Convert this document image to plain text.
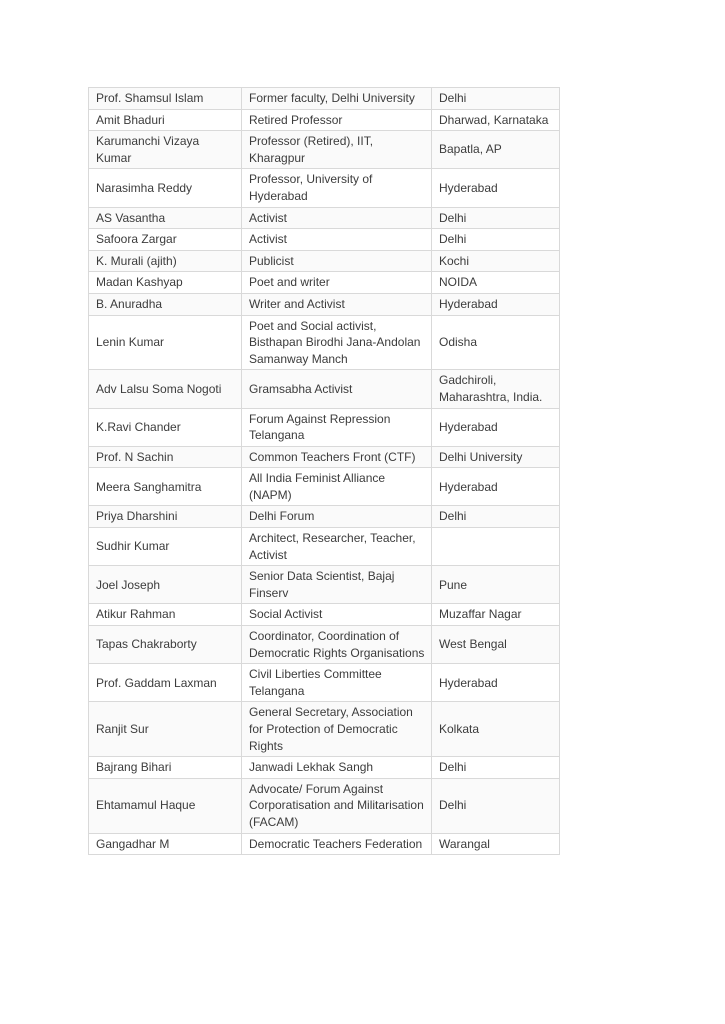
Prof. Shamsul Islam	Former faculty, Delhi University	Delhi
Amit Bhaduri	Retired Professor	Dharwad, Karnataka
Karumanchi Vizaya Kumar	Professor (Retired), IIT, Kharagpur	Bapatla, AP
Narasimha Reddy	Professor, University of Hyderabad	Hyderabad
AS Vasantha	Activist	Delhi
Safoora Zargar	Activist	Delhi
K. Murali (ajith)	Publicist	Kochi
Madan Kashyap	Poet and writer	NOIDA
B. Anuradha	Writer and Activist	Hyderabad
Lenin Kumar	Poet and Social activist, Bisthapan Birodhi Jana-Andolan Samanway Manch	Odisha
Adv Lalsu Soma Nogoti	Gramsabha Activist	Gadchiroli, Maharashtra, India.
K.Ravi Chander	Forum Against Repression Telangana	Hyderabad
Prof. N Sachin	Common Teachers Front (CTF)	Delhi University
Meera Sanghamitra	All India Feminist Alliance (NAPM)	Hyderabad
Priya Dharshini	Delhi Forum	Delhi
Sudhir Kumar	Architect, Researcher, Teacher, Activist	
Joel Joseph	Senior Data Scientist, Bajaj Finserv	Pune
Atikur Rahman	Social Activist	Muzaffar Nagar
Tapas Chakraborty	Coordinator, Coordination of Democratic Rights Organisations	West Bengal
Prof. Gaddam Laxman	Civil Liberties Committee Telangana	Hyderabad
Ranjit Sur	General Secretary, Association for Protection of Democratic Rights	Kolkata
Bajrang Bihari	Janwadi Lekhak Sangh	Delhi
Ehtamamul Haque	Advocate/ Forum Against Corporatisation and Militarisation (FACAM)	Delhi
Gangadhar M	Democratic Teachers Federation	Warangal
